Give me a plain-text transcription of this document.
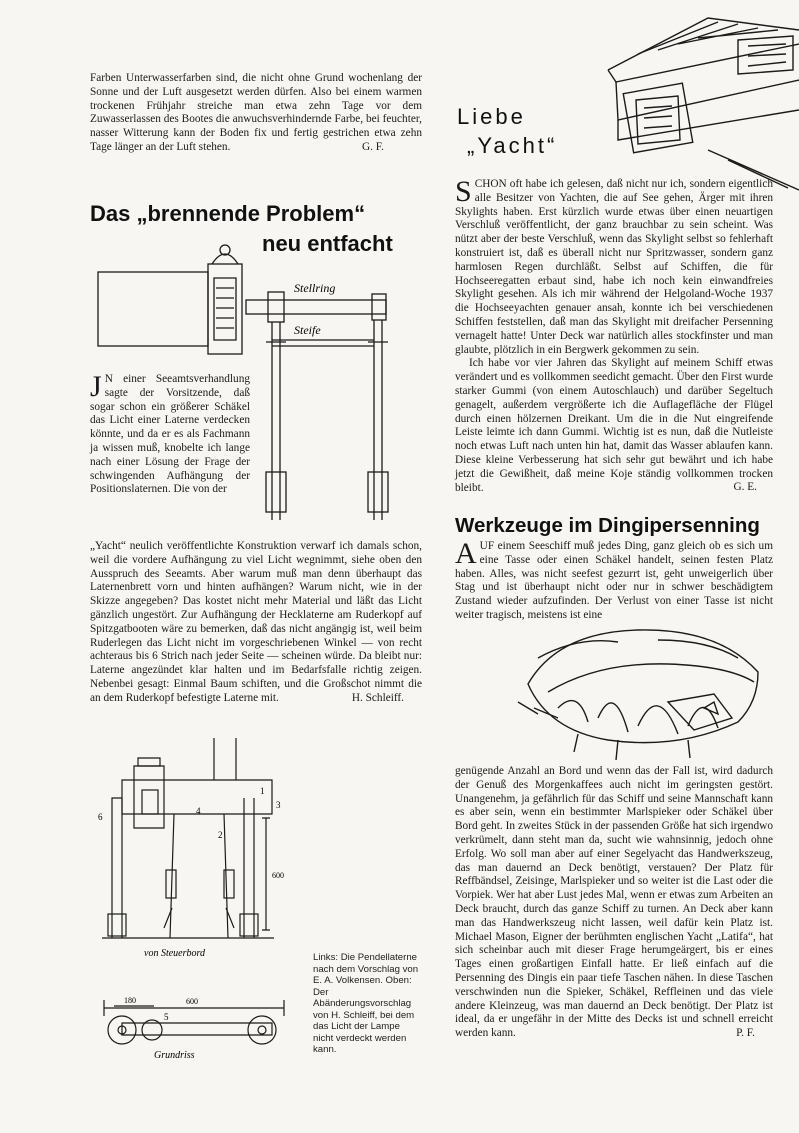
Farben Unterwasserfarben sind, die nicht ohne Grund wochenlang der Sonne und der Luft ausgesetzt werden dürfen. Also bei einem warmen trockenen Frühjahr streiche man etwa zehn Tage vor dem Zuwasserlassen des Bootes die anwuchsverhindernde Farbe, bei feuchter, nasser Witterung kann der Boden fix und fertig gestrichen etwa zehn Tage länger an der Luft stehen.	G. F.
Das „brennende Problem“
neu entfacht
Stellring
Steife
J N einer Seeamtsverhandlung sagte der Vorsitzende, daß sogar schon ein größerer Schäkel das Licht einer Laterne verdecken könnte, und da er es als Fachmann ja wissen muß, knobelte ich lange nach einer Lösung der Frage der schwingenden Aufhängung der Positionslaternen. Die von der
„Yacht“ neulich veröffentlichte Konstruktion verwarf ich damals schon, weil die vordere Aufhängung zu viel Licht wegnimmt, siehe oben den Ausspruch des Seeamts. Aber warum muß man denn überhaupt das Laternenbrett vorn und hinten aufhängen? Warum nicht, wie in der Skizze angegeben? Das kostet nicht mehr Material und läßt das Licht gänzlich ungestört. Zur Aufhängung der Hecklaterne am Ruderkopf auf Spitzgatbooten wäre zu bemerken, daß das nicht angängig ist, weil beim Ruderlegen das Licht nicht im vorgeschriebenen Winkel — von recht achteraus bis 6 Strich nach jeder Seite — scheinen würde. Da bleibt nur: Laterne angezündet klar halten und im Bedarfsfalle richtig zeigen. Nebenbei gesagt: Einmal Baum schiften, und die Großschot nimmt die an dem Ruderkopf befestigte Laterne mit.	H. Schleiff.
1
2
3
4
5
6
600
600
180
von Steuerbord
Grundriss
Links: Die Pendellaterne nach dem Vorschlag von E. A. Volkensen. Oben: Der Abänderungsvorschlag von H. Schleiff, bei dem das Licht der Lampe nicht verdeckt werden kann.
Liebe
„Yacht“

S CHON oft habe ich gelesen, daß nicht nur ich, sondern eigentlich alle Besitzer von Yachten, die auf See gehen, Ärger mit ihren Skylights haben. Erst kürzlich wurde etwas über einen neuartigen Verschluß veröffentlicht, der ganz brauchbar zu sein scheint. Was nützt aber der beste Verschluß, wenn das Skylight selbst so fehlerhaft konstruiert ist, daß es überall nicht nur Spritzwasser, sondern ganz harmlosen Regen durchläßt. Selbst auf Schiffen, die für Hochseeregatten erbaut sind, habe ich noch kein einwandfreies Skylight gesehen. Als ich mir während der Helgoland-Woche 1937 die Hochseeyachten genauer ansah, konnte ich bei verschiedenen Schiffen feststellen, daß man das Skylight mit dreifacher Persenning vernagelt hatte! Unter Deck war natürlich alles stockfinster und man glaubte, plötzlich in ein Bergwerk gekommen zu sein.

Ich habe vor vier Jahren das Skylight auf meinem Schiff etwas verändert und es vollkommen seedicht gemacht. Über den First wurde starker Gummi (von einem Autoschlauch) und darüber Segeltuch genagelt, außerdem vergrößerte ich die Auflagefläche der Flügel durch einen hölzernen Dreikant. Um die in die Nut eingreifende Leiste leimte ich dann Gummi. Wichtig ist es nun, daß die Nutleiste noch etwas Luft nach unten hin hat, damit das Wasser ablaufen kann. Diese kleine Verbesserung hat sich sehr gut bewährt und ich habe jetzt die Gewißheit, daß meine Koje ständig vollkommen trocken bleibt.	G. E.
Werkzeuge im Dingipersenning
A UF einem Seeschiff muß jedes Ding, ganz gleich ob es sich um eine Tasse oder einen Schäkel handelt, seinen festen Platz haben. Alles, was nicht seefest gezurrt ist, geht unweigerlich über Stag und ist überhaupt nicht oder nur in schwer beschädigtem Zustand wieder aufzufinden. Der Verlust von einer Tasse ist nicht weiter tragisch, meistens ist eine
genügende Anzahl an Bord und wenn das der Fall ist, wird dadurch der Genuß des Morgenkaffees auch nicht im geringsten gestört. Unangenehm, ja gefährlich für das Schiff und seine Mannschaft kann es aber sein, wenn ein bestimmter Marlspieker oder Schäkel über Bord geht. In zweites Stück in der passenden Größe hat sich irgendwo verkrümelt, dann steht man da, sucht wie wahnsinnig, jedoch ohne Erfolg. Wo soll man aber auf einer Segelyacht das Handwerkszeug, das man dauernd an Deck benötigt, verstauen? Der Platz für Reffbändsel, Zeisinge, Marlspieker und so weiter ist die Last oder die Vorpiek. Wer hat aber Lust jedes Mal, wenn er etwas zum Arbeiten an Deck braucht, durch das ganze Schiff zu turnen. An Deck aber kann man das Handwerkszeug nicht lassen, weil dafür kein Platz ist. Michael Mason, Eigner der berühmten englischen Yacht „Latifa“, hat sich scheinbar auch mit dieser Frage herumgeärgert, bis er eines Tages einen großartigen Einfall hatte. Er ließ einfach auf die Persenning des Dingis ein paar tiefe Taschen nähen. In diese Taschen verschwinden nun die Spieker, Schäkel, Reffleinen und das viele andere Kleinzeug, was man dauernd an Deck benötigt. Der Platz ist ideal, da er ungefähr in der Mitte des Decks ist und schnell erreicht werden kann.	P. F.
